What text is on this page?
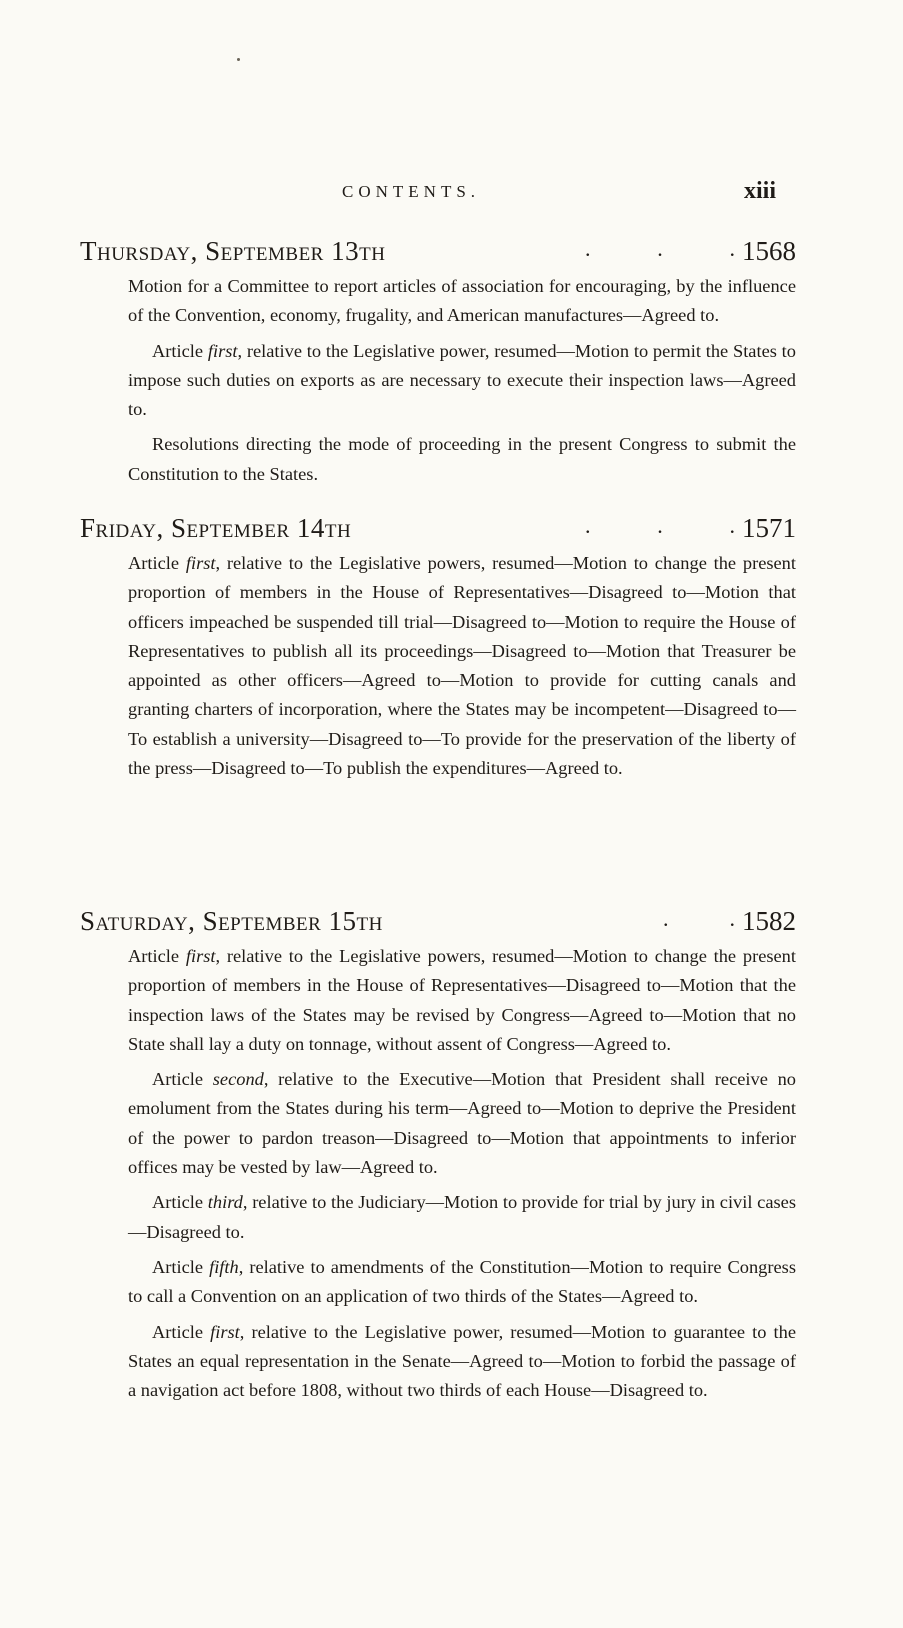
CONTENTS.	xiii
Thursday, September 13th	.	.	. 1568

Motion for a Committee to report articles of association for encouraging, by the influence of the Convention, economy, frugality, and American manufactures—Agreed to.

Article first, relative to the Legislative power, resumed—Motion to permit the States to impose such duties on exports as are necessary to execute their inspection laws—Agreed to.

Resolutions directing the mode of proceeding in the present Congress to submit the Constitution to the States.

Friday, September 14th	.	.	. 1571

Article first, relative to the Legislative powers, resumed—Motion to change the present proportion of members in the House of Representatives—Disagreed to—Motion that officers impeached be suspended till trial—Disagreed to—Motion to require the House of Representatives to publish all its proceedings—Disagreed to—Motion that Treasurer be appointed as other officers—Agreed to—Motion to provide for cutting canals and granting charters of incorporation, where the States may be incompetent—Disagreed to—To establish a university—Disagreed to—To provide for the preservation of the liberty of the press—Disagreed to—To publish the expenditures—Agreed to.

Saturday, September 15th	.	. 1582

Article first, relative to the Legislative powers, resumed—Motion to change the present proportion of members in the House of Representatives—Disagreed to—Motion that the inspection laws of the States may be revised by Congress—Agreed to—Motion that no State shall lay a duty on tonnage, without assent of Congress—Agreed to.

Article second, relative to the Executive—Motion that President shall receive no emolument from the States during his term—Agreed to—Motion to deprive the President of the power to pardon treason—Disagreed to—Motion that appointments to inferior offices may be vested by law—Agreed to.

Article third, relative to the Judiciary—Motion to provide for trial by jury in civil cases—Disagreed to.

Article fifth, relative to amendments of the Constitution—Motion to require Congress to call a Convention on an application of two thirds of the States—Agreed to.

Article first, relative to the Legislative power, resumed—Motion to guarantee to the States an equal representation in the Senate—Agreed to—Motion to forbid the passage of a navigation act before 1808, without two thirds of each House—Disagreed to.
